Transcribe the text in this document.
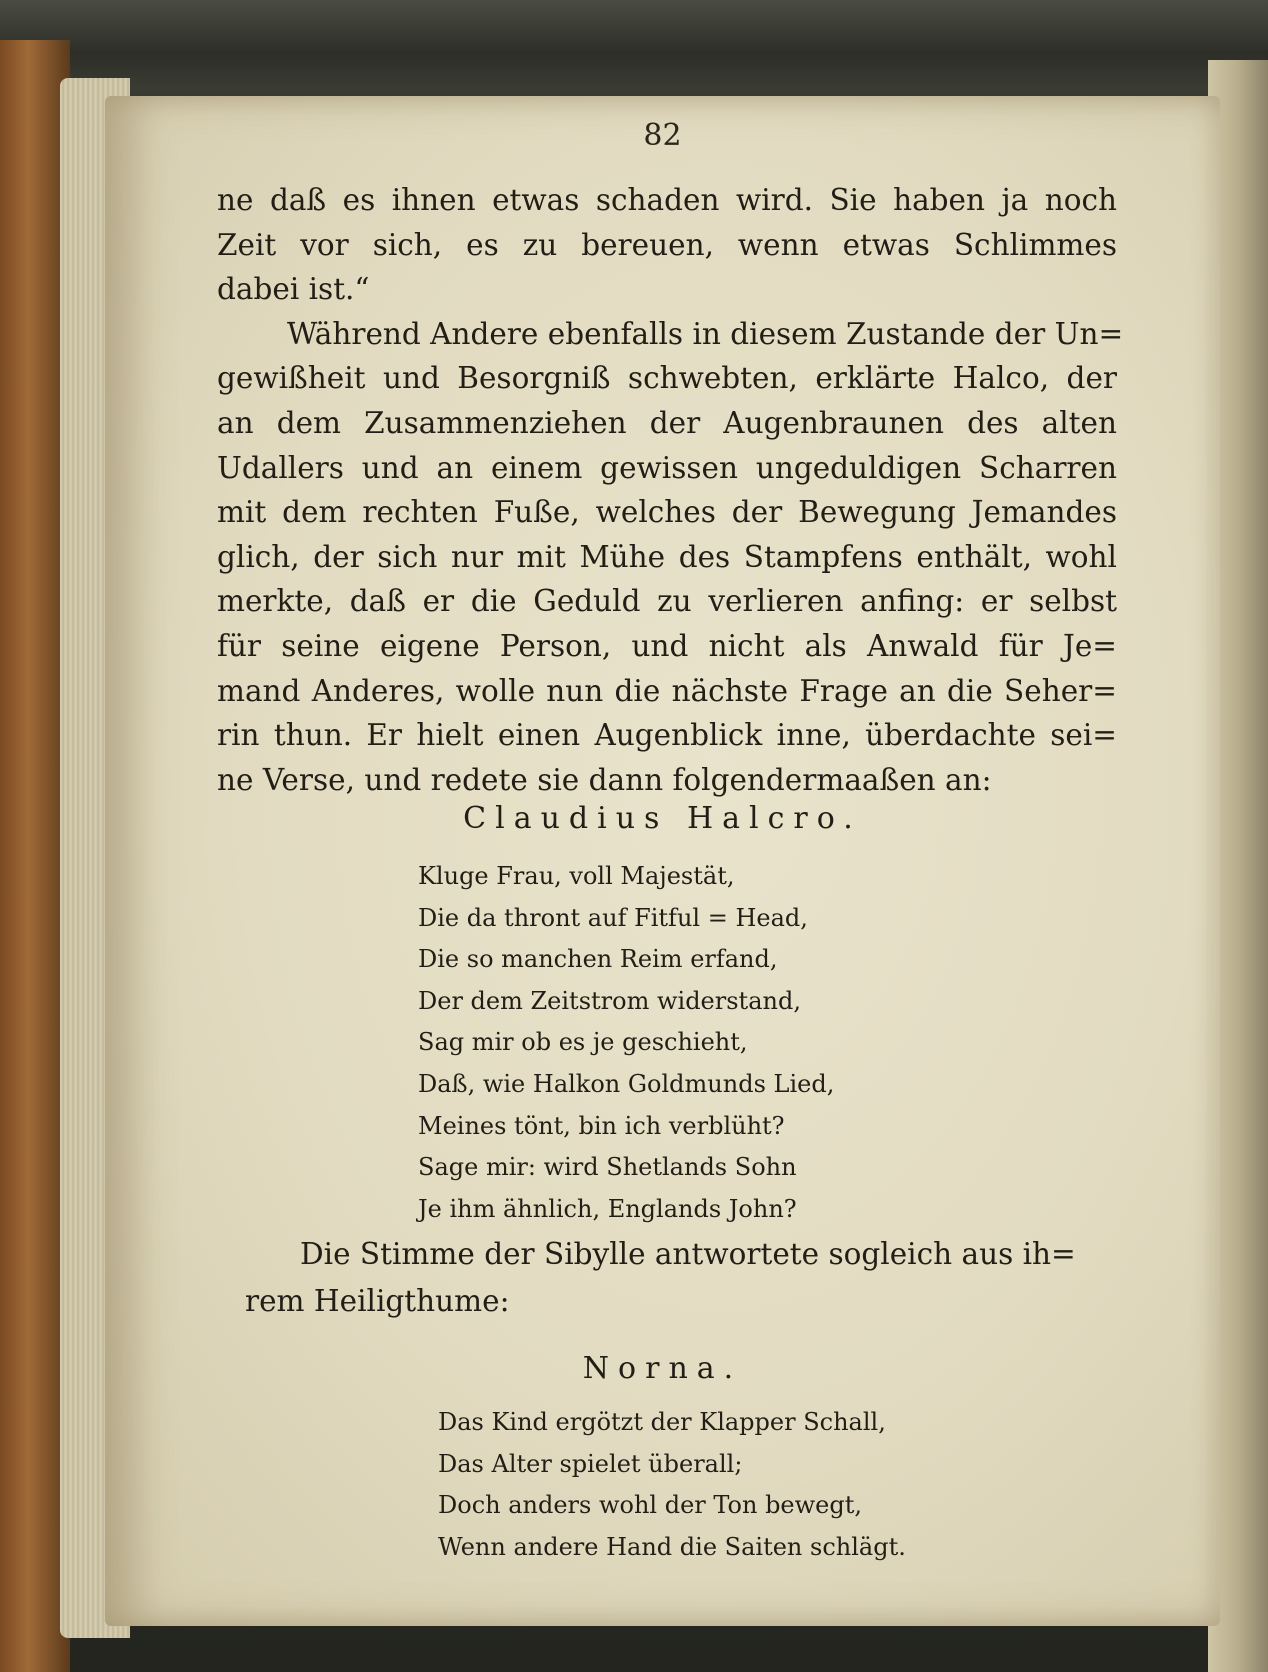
82
ne daß es ihnen etwas schaden wird. Sie haben ja noch
Zeit vor sich, es zu bereuen, wenn etwas Schlimmes
dabei ist.“
Während Andere ebenfalls in diesem Zustande der Un=
gewißheit und Besorgniß schwebten, erklärte Halco, der
an dem Zusammenziehen der Augenbraunen des alten
Udallers und an einem gewissen ungeduldigen Scharren
mit dem rechten Fuße, welches der Bewegung Jemandes
glich, der sich nur mit Mühe des Stampfens enthält, wohl
merkte, daß er die Geduld zu verlieren anfing: er selbst
für seine eigene Person, und nicht als Anwald für Je=
mand Anderes, wolle nun die nächste Frage an die Seher=
rin thun. Er hielt einen Augenblick inne, überdachte sei=
ne Verse, und redete sie dann folgendermaaßen an:
Claudius Halcro.
Kluge Frau, voll Majestät,
Die da thront auf Fitful = Head,
Die so manchen Reim erfand,
Der dem Zeitstrom widerstand,
Sag mir ob es je geschieht,
Daß, wie Halkon Goldmunds Lied,
Meines tönt, bin ich verblüht?
Sage mir: wird Shetlands Sohn
Je ihm ähnlich, Englands John?
Die Stimme der Sibylle antwortete sogleich aus ih=
rem Heiligthume:
Norna.
Das Kind ergötzt der Klapper Schall,
Das Alter spielet überall;
Doch anders wohl der Ton bewegt,
Wenn andere Hand die Saiten schlägt.
